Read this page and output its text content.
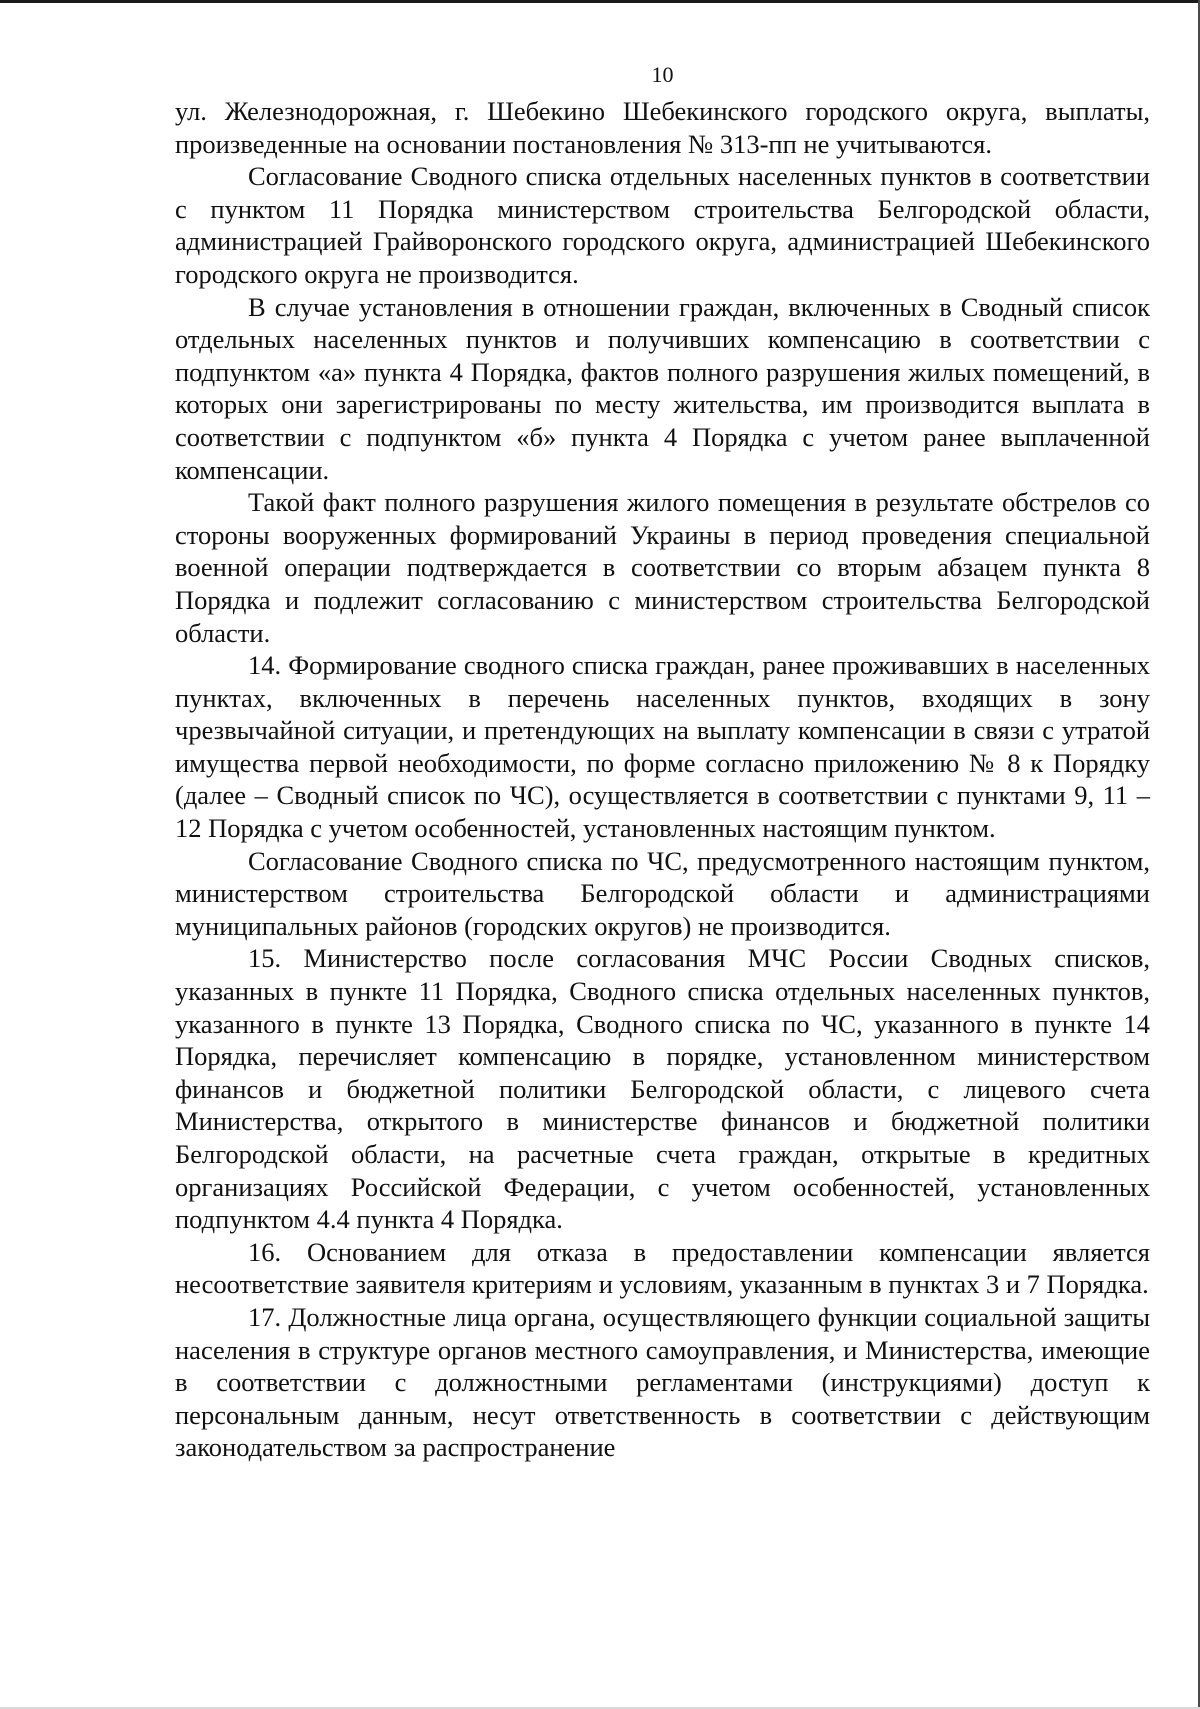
10

ул. Железнодорожная, г. Шебекино Шебекинского городского округа, выплаты, произведенные на основании постановления № 313-пп не учитываются.

Согласование Сводного списка отдельных населенных пунктов в соответствии с пунктом 11 Порядка министерством строительства Белгородской области, администрацией Грайворонского городского округа, администрацией Шебекинского городского округа не производится.

В случае установления в отношении граждан, включенных в Сводный список отдельных населенных пунктов и получивших компенсацию в соответствии с подпунктом «а» пункта 4 Порядка, фактов полного разрушения жилых помещений, в которых они зарегистрированы по месту жительства, им производится выплата в соответствии с подпунктом «б» пункта 4 Порядка с учетом ранее выплаченной компенсации.

Такой факт полного разрушения жилого помещения в результате обстрелов со стороны вооруженных формирований Украины в период проведения специальной военной операции подтверждается в соответствии со вторым абзацем пункта 8 Порядка и подлежит согласованию с министерством строительства Белгородской области.

14. Формирование сводного списка граждан, ранее проживавших в населенных пунктах, включенных в перечень населенных пунктов, входящих в зону чрезвычайной ситуации, и претендующих на выплату компенсации в связи с утратой имущества первой необходимости, по форме согласно приложению № 8 к Порядку (далее – Сводный список по ЧС), осуществляется в соответствии с пунктами 9, 11 – 12 Порядка с учетом особенностей, установленных настоящим пунктом.

Согласование Сводного списка по ЧС, предусмотренного настоящим пунктом, министерством строительства Белгородской области и администрациями муниципальных районов (городских округов) не производится.

15. Министерство после согласования МЧС России Сводных списков, указанных в пункте 11 Порядка, Сводного списка отдельных населенных пунктов, указанного в пункте 13 Порядка, Сводного списка по ЧС, указанного в пункте 14 Порядка, перечисляет компенсацию в порядке, установленном министерством финансов и бюджетной политики Белгородской области, с лицевого счета Министерства, открытого в министерстве финансов и бюджетной политики Белгородской области, на расчетные счета граждан, открытые в кредитных организациях Российской Федерации, с учетом особенностей, установленных подпунктом 4.4 пункта 4 Порядка.

16. Основанием для отказа в предоставлении компенсации является несоответствие заявителя критериям и условиям, указанным в пунктах 3 и 7 Порядка.

17. Должностные лица органа, осуществляющего функции социальной защиты населения в структуре органов местного самоуправления, и Министерства, имеющие в соответствии с должностными регламентами (инструкциями) доступ к персональным данным, несут ответственность в соответствии с действующим законодательством за распространение
